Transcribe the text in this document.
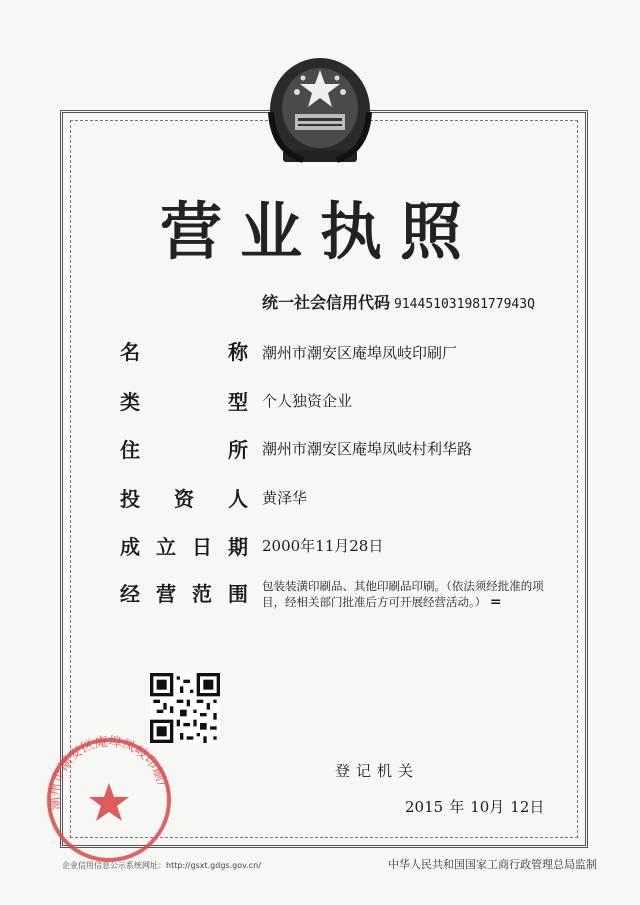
营业执照
统一社会信用代码 91445103198177943Q
名	称 潮州市潮安区庵埠凤岐印刷厂
类	型 个人独资企业
住	所 潮州市潮安区庵埠凤岐村利华路
投 资 人 黄泽华
成 立 日 期 2000年11月28日
经 营 范 围 包装装潢印刷品、其他印刷品印刷。（依法须经批准的项目，经相关部门批准后方可开展经营活动。） =
登记机关
2015 年 10月 12日
潮州市潮安区庵埠凤岐印刷厂
企业信用信息公示系统网址：http://gsxt.gdgs.gov.cn/	中华人民共和国国家工商行政管理总局监制
